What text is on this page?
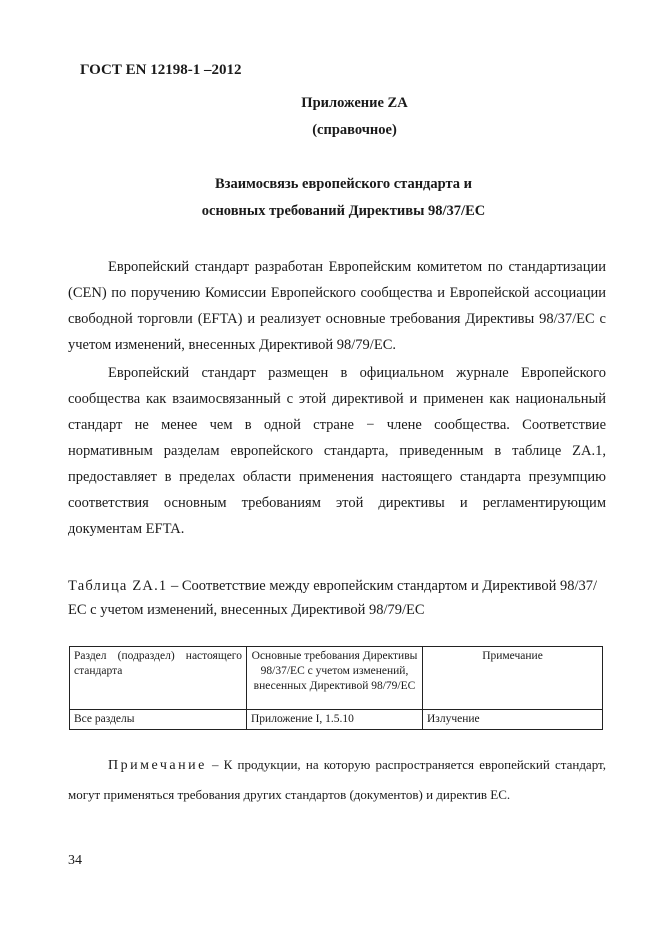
ГОСТ EN 12198-1 –2012
Приложение ZA
(справочное)
Взаимосвязь европейского стандарта и
основных требований Директивы 98/37/ЕС

Европейский стандарт разработан Европейским комитетом по стандартизации (CEN) по поручению Комиссии Европейского сообщества и Европейской ассоциации свободной торговли (EFTA) и реализует основные требования Директивы 98/37/ЕС с учетом изменений, внесенных Директивой 98/79/ЕС.

Европейский стандарт размещен в официальном журнале Европейского сообщества как взаимосвязанный с этой директивой и применен как национальный стандарт не менее чем в одной стране − члене сообщества. Соответствие нормативным разделам европейского стандарта, приведенным в таблице ZA.1, предоставляет в пределах области применения настоящего стандарта презумпцию соответствия основным требованиям этой директивы и регламентирующим документам EFTA.

Таблица ZA.1 – Соответствие между европейским стандартом и Директивой 98/37/ЕС с учетом изменений, внесенных Директивой 98/79/ЕС

Раздел (подраздел) настоящего стандарта	Основные требования Директивы 98/37/ЕС с учетом изменений, внесенных Директивой 98/79/ЕС	Примечание
Все разделы	Приложение I, 1.5.10	Излучение

Примечание – К продукции, на которую распространяется европейский стандарт, могут применяться требования других стандартов (документов) и директив ЕС.

34
